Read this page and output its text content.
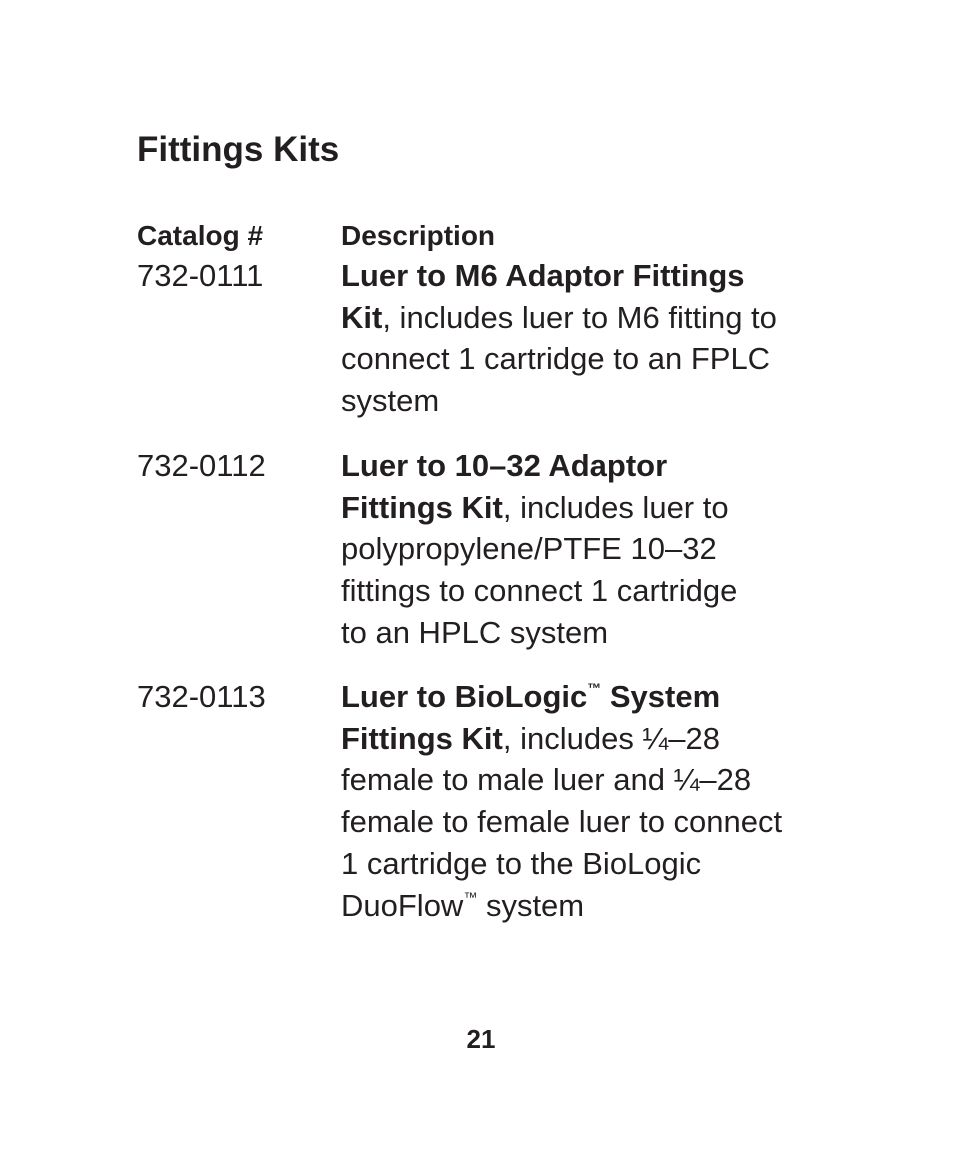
Fittings Kits
Catalog #	Description
732-0111	Luer to M6 Adaptor Fittings
Kit, includes luer to M6 fitting to
connect 1 cartridge to an FPLC
system
732-0112 Luer to 10–32 Adaptor
Fittings Kit, includes luer to
polypropylene/PTFE 10–32
fittings to connect 1 cartridge
to an HPLC system
732-0113 Luer to BioLogic™ System
Fittings Kit, includes ¼–28
female to male luer and ¼–28
female to female luer to connect
1 cartridge to the BioLogic
DuoFlow™ system
21
